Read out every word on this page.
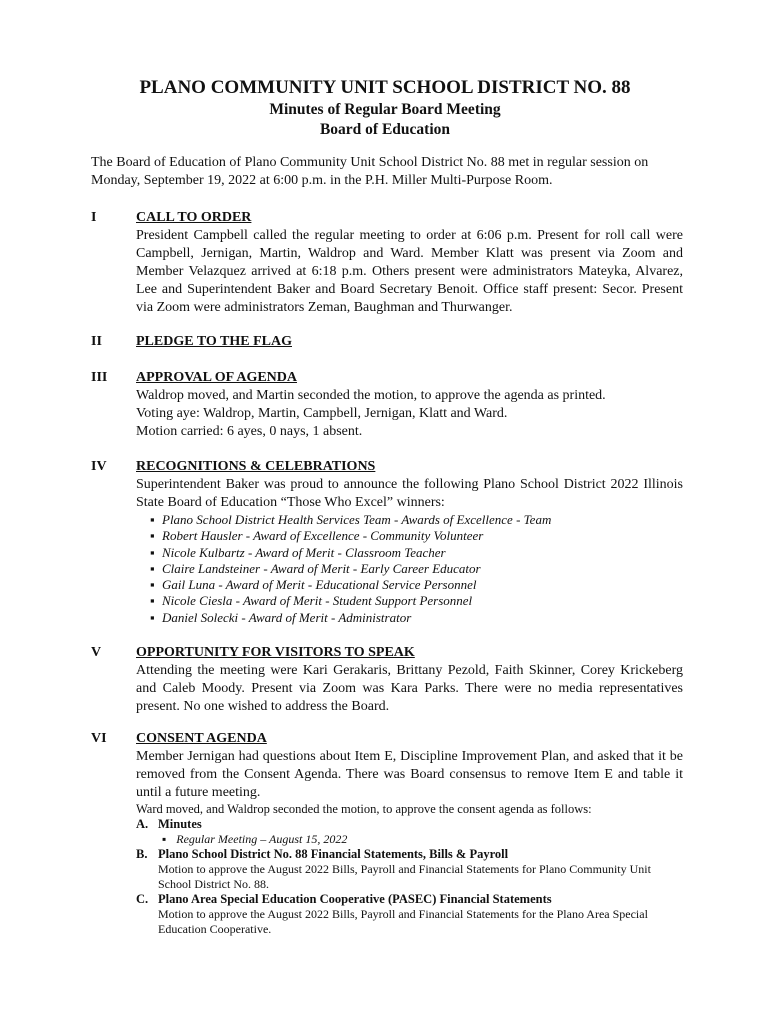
PLANO COMMUNITY UNIT SCHOOL DISTRICT NO. 88
Minutes of Regular Board Meeting
Board of Education
The Board of Education of Plano Community Unit School District No. 88 met in regular session on Monday, September 19, 2022 at 6:00 p.m. in the P.H. Miller Multi-Purpose Room.
I	CALL TO ORDER
President Campbell called the regular meeting to order at 6:06 p.m. Present for roll call were Campbell, Jernigan, Martin, Waldrop and Ward. Member Klatt was present via Zoom and Member Velazquez arrived at 6:18 p.m. Others present were administrators Mateyka, Alvarez, Lee and Superintendent Baker and Board Secretary Benoit. Office staff present: Secor. Present via Zoom were administrators Zeman, Baughman and Thurwanger.
II PLEDGE TO THE FLAG
III APPROVAL OF AGENDA
Waldrop moved, and Martin seconded the motion, to approve the agenda as printed.
Voting aye: Waldrop, Martin, Campbell, Jernigan, Klatt and Ward.
Motion carried: 6 ayes, 0 nays, 1 absent.
IV RECOGNITIONS & CELEBRATIONS
Superintendent Baker was proud to announce the following Plano School District 2022 Illinois State Board of Education “Those Who Excel” winners:
▪ Plano School District Health Services Team - Awards of Excellence - Team
▪ Robert Hausler - Award of Excellence - Community Volunteer
▪ Nicole Kulbartz - Award of Merit - Classroom Teacher
▪ Claire Landsteiner - Award of Merit - Early Career Educator
▪ Gail Luna - Award of Merit - Educational Service Personnel
▪ Nicole Ciesla - Award of Merit - Student Support Personnel
▪ Daniel Solecki - Award of Merit - Administrator
V OPPORTUNITY FOR VISITORS TO SPEAK
Attending the meeting were Kari Gerakaris, Brittany Pezold, Faith Skinner, Corey Krickeberg and Caleb Moody. Present via Zoom was Kara Parks. There were no media representatives present. No one wished to address the Board.
VI CONSENT AGENDA
Member Jernigan had questions about Item E, Discipline Improvement Plan, and asked that it be removed from the Consent Agenda. There was Board consensus to remove Item E and table it until a future meeting.
Ward moved, and Waldrop seconded the motion, to approve the consent agenda as follows:
A. Minutes
▪ Regular Meeting – August 15, 2022
B. Plano School District No. 88 Financial Statements, Bills & Payroll
Motion to approve the August 2022 Bills, Payroll and Financial Statements for Plano Community Unit School District No. 88.
C. Plano Area Special Education Cooperative (PASEC) Financial Statements
Motion to approve the August 2022 Bills, Payroll and Financial Statements for the Plano Area Special Education Cooperative.
